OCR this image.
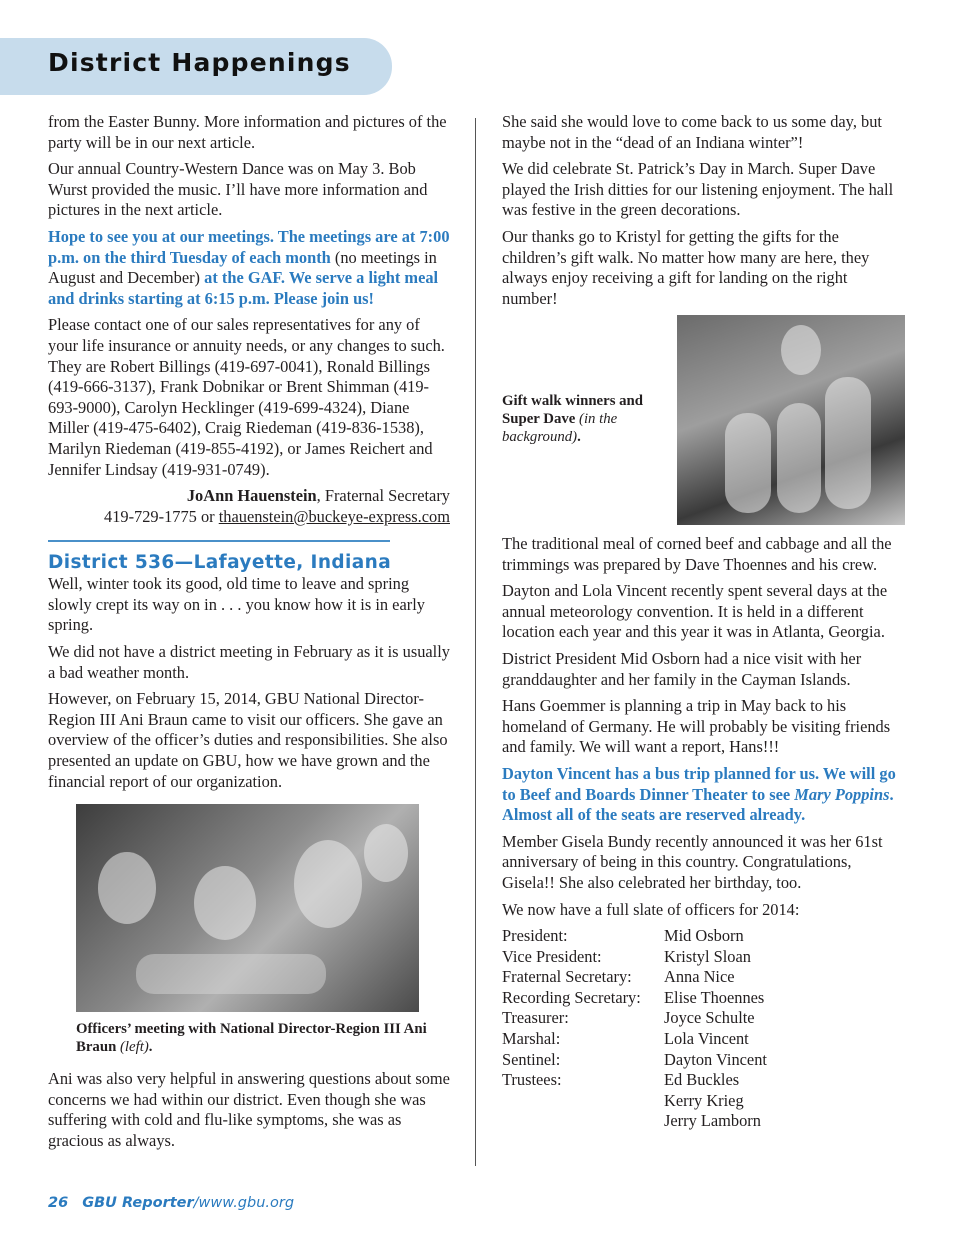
District Happenings

from the Easter Bunny. More information and pictures of the party will be in our next article.

Our annual Country-Western Dance was on May 3. Bob Wurst provided the music. I’ll have more information and pictures in the next article.

Hope to see you at our meetings. The meetings are at 7:00 p.m. on the third Tuesday of each month (no meetings in August and December) at the GAF. We serve a light meal and drinks starting at 6:15 p.m. Please join us!

Please contact one of our sales representatives for any of your life insurance or annuity needs, or any changes to such. They are Robert Billings (419-697-0041), Ronald Billings (419-666-3137), Frank Dobnikar or Brent Shimman (419-693-9000), Carolyn Hecklinger (419-699-4324), Diane Miller (419-475-6402), Craig Riedeman (419-836-1538), Marilyn Riedeman (419-855-4192), or James Reichert and Jennifer Lindsay (419-931-0749).

JoAnn Hauenstein, Fraternal Secretary

419-729-1775 or thauenstein@buckeye-express.com

District 536—Lafayette, Indiana

Well, winter took its good, old time to leave and spring slowly crept its way on in . . . you know how it is in early spring.

We did not have a district meeting in February as it is usually a bad weather month.

However, on February 15, 2014, GBU National Director-Region III Ani Braun came to visit our officers. She gave an overview of the officer’s duties and responsibilities. She also presented an update on GBU, how we have grown and the financial report of our organization.

Officers’ meeting with National Director-Region III Ani Braun (left).

Ani was also very helpful in answering questions about some concerns we had within our district. Even though she was suffering with cold and flu-like symptoms, she was as gracious as always.

She said she would love to come back to us some day, but maybe not in the “dead of an Indiana winter”!

We did celebrate St. Patrick’s Day in March. Super Dave played the Irish ditties for our listening enjoyment. The hall was festive in the green decorations.

Our thanks go to Kristyl for getting the gifts for the children’s gift walk. No matter how many are here, they always enjoy receiving a gift for landing on the right number!

Gift walk winners and Super Dave (in the background).

The traditional meal of corned beef and cabbage and all the trimmings was prepared by Dave Thoennes and his crew.

Dayton and Lola Vincent recently spent several days at the annual meteorology convention. It is held in a different location each year and this year it was in Atlanta, Georgia.

District President Mid Osborn had a nice visit with her granddaughter and her family in the Cayman Islands.

Hans Goemmer is planning a trip in May back to his homeland of Germany. He will probably be visiting friends and family. We will want a report, Hans!!!

Dayton Vincent has a bus trip planned for us. We will go to Beef and Boards Dinner Theater to see Mary Poppins. Almost all of the seats are reserved already.

Member Gisela Bundy recently announced it was her 61st anniversary of being in this country. Congratulations, Gisela!! She also celebrated her birthday, too.

We now have a full slate of officers for 2014:

President:	Mid Osborn
Vice President:	Kristyl Sloan
Fraternal Secretary:	Anna Nice
Recording Secretary:	Elise Thoennes
Treasurer:	Joyce Schulte
Marshal:	Lola Vincent
Sentinel:	Dayton Vincent
Trustees:	Ed Buckles
Kerry Krieg
Jerry Lamborn
26 GBU Reporter/www.gbu.org
